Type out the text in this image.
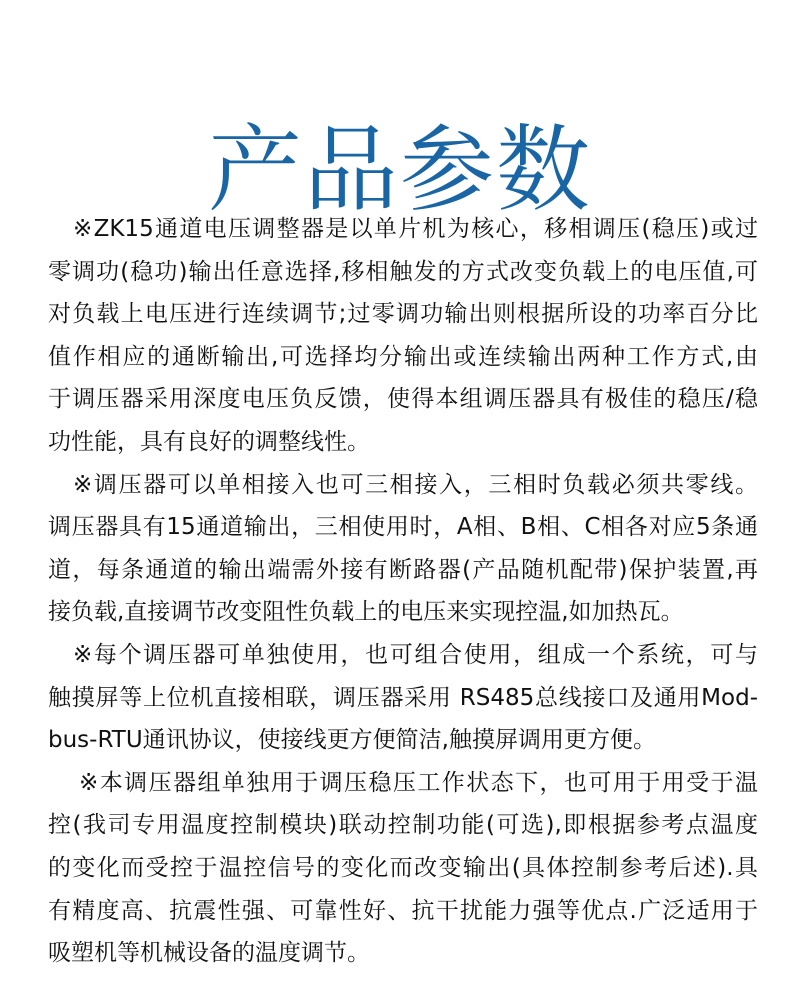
产品参数
※ZK15通道电压调整器是以单片机为核心，移相调压(稳压)或过
零调功(稳功)输出任意选择,移相触发的方式改变负载上的电压值,可
对负载上电压进行连续调节;过零调功输出则根据所设的功率百分比
值作相应的通断输出,可选择均分输出或连续输出两种工作方式,由
于调压器采用深度电压负反馈，使得本组调压器具有极佳的稳压/稳
功性能，具有良好的调整线性。
※调压器可以单相接入也可三相接入，三相时负载必须共零线。
调压器具有15通道输出，三相使用时，A相、B相、C相各对应5条通
道，每条通道的输出端需外接有断路器(产品随机配带)保护装置,再
接负载,直接调节改变阻性负载上的电压来实现控温,如加热瓦。
※每个调压器可单独使用，也可组合使用，组成一个系统，可与
触摸屏等上位机直接相联，调压器采用 RS485总线接口及通用Mod-
bus-RTU通讯协议，使接线更方便简洁,触摸屏调用更方便。
※本调压器组单独用于调压稳压工作状态下，也可用于用受于温
控(我司专用温度控制模块)联动控制功能(可选),即根据参考点温度
的变化而受控于温控信号的变化而改变输出(具体控制参考后述).具
有精度高、抗震性强、可靠性好、抗干扰能力强等优点.广泛适用于
吸塑机等机械设备的温度调节。
